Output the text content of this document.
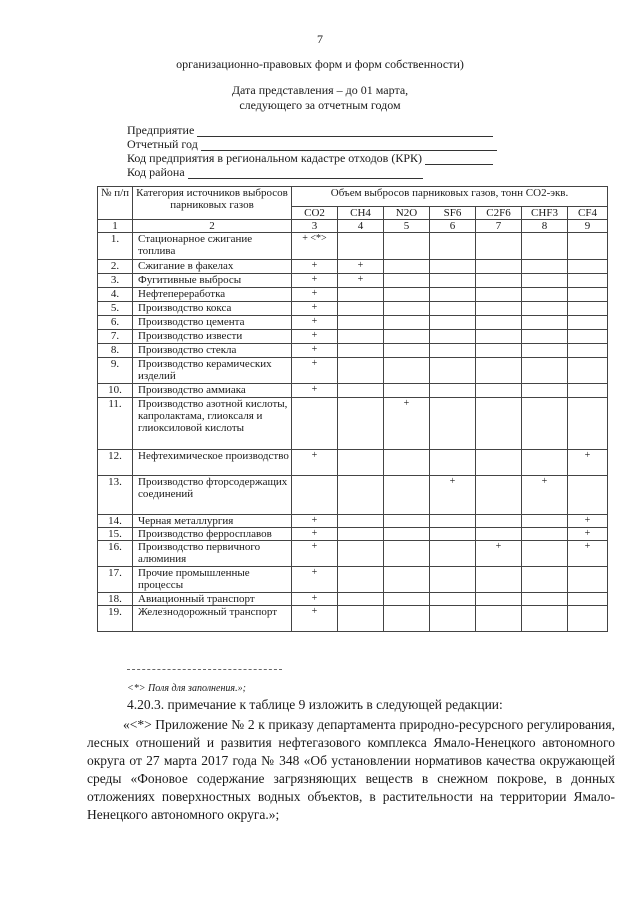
7
организационно-правовых форм и форм собственности)
Дата представления – до 01 марта,
следующего за отчетным годом
Предприятие
Отчетный год
Код предприятия в региональном кадастре отходов (КРК)
Код района
№ п/п	Категория источников выбросов парниковых газов	Объем выбросов парниковых газов, тонн СО2-экв.						
		СО2	СН4	N2O	SF6	C2F6	CHF3	CF4
1	2	3	4	5	6	7	8	9
1.	Стационарное сжигание топлива	+ <*>						
2.	Сжигание в факелах	+	+					
3.	Фугитивные выбросы	+	+					
4.	Нефтепереработка	+						
5.	Производство кокса	+						
6.	Производство цемента	+						
7.	Производство извести	+						
8.	Производство стекла	+						
9.	Производство керамических изделий	+						
10.	Производство аммиака	+						
11.	Производство азотной кислоты, капролактама, глиоксаля и глиоксиловой кислоты			+				
12.	Нефтехимическое производство	+						+
13.	Производство фторсодержащих соединений				+		+	
14.	Черная металлургия	+						+
15.	Производство ферросплавов	+						+
16.	Производство первичного алюминия	+				+		+
17.	Прочие промышленные процессы	+						
18.	Авиационный транспорт	+						
19.	Железнодорожный транспорт	+						
<*> Поля для заполнения.»;
4.20.3. примечание к таблице 9 изложить в следующей редакции:
«<*> Приложение № 2 к приказу департамента природно-ресурсного регулирования, лесных отношений и развития нефтегазового комплекса Ямало-Ненецкого автономного округа от 27 марта 2017 года № 348 «Об установлении нормативов качества окружающей среды «Фоновое содержание загрязняющих веществ в снежном покрове, в донных отложениях поверхностных водных объектов, в растительности на территории Ямало-Ненецкого автономного округа.»;
